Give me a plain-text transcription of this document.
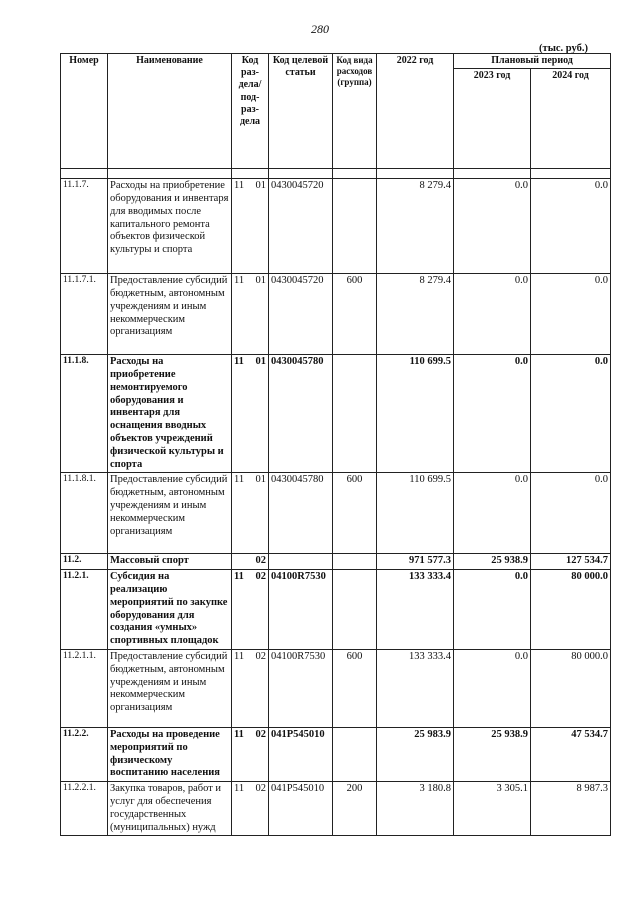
280
(тыс. руб.)
Номер	Наименование	Код раз-дела/ под-раз-дела		Код целевой статьи	Код вида расходов (группа)	2022 год	Плановый период	
							2023 год	2024 год

11.1.7.	Расходы на приобретение оборудования и инвентаря для вводимых после капитального ремонта объектов физической культуры и спорта	11	01	0430045720		8 279.4	0.0	0.0
11.1.7.1.	Предоставление субсидий бюджетным, автономным учреждениям и иным некоммерческим организациям	11	01	0430045720	600	8 279.4	0.0	0.0
11.1.8.	Расходы на приобретение немонтируемого оборудования и инвентаря для оснащения вводных объектов учреждений физической культуры и спорта	11	01	0430045780		110 699.5	0.0	0.0
11.1.8.1.	Предоставление субсидий бюджетным, автономным учреждениям и иным некоммерческим организациям	11	01	0430045780	600	110 699.5	0.0	0.0
11.2.	Массовый спорт		02			971 577.3	25 938.9	127 534.7
11.2.1.	Субсидия на реализацию мероприятий по закупке оборудования для создания «умных» спортивных площадок	11	02	04100R7530		133 333.4	0.0	80 000.0
11.2.1.1.	Предоставление субсидий бюджетным, автономным учреждениям и иным некоммерческим организациям	11	02	04100R7530	600	133 333.4	0.0	80 000.0
11.2.2.	Расходы на проведение мероприятий по физическому воспитанию населения	11	02	041P545010		25 983.9	25 938.9	47 534.7
11.2.2.1.	Закупка товаров, работ и услуг для обеспечения государственных (муниципальных) нужд	11	02	041P545010	200	3 180.8	3 305.1	8 987.3
